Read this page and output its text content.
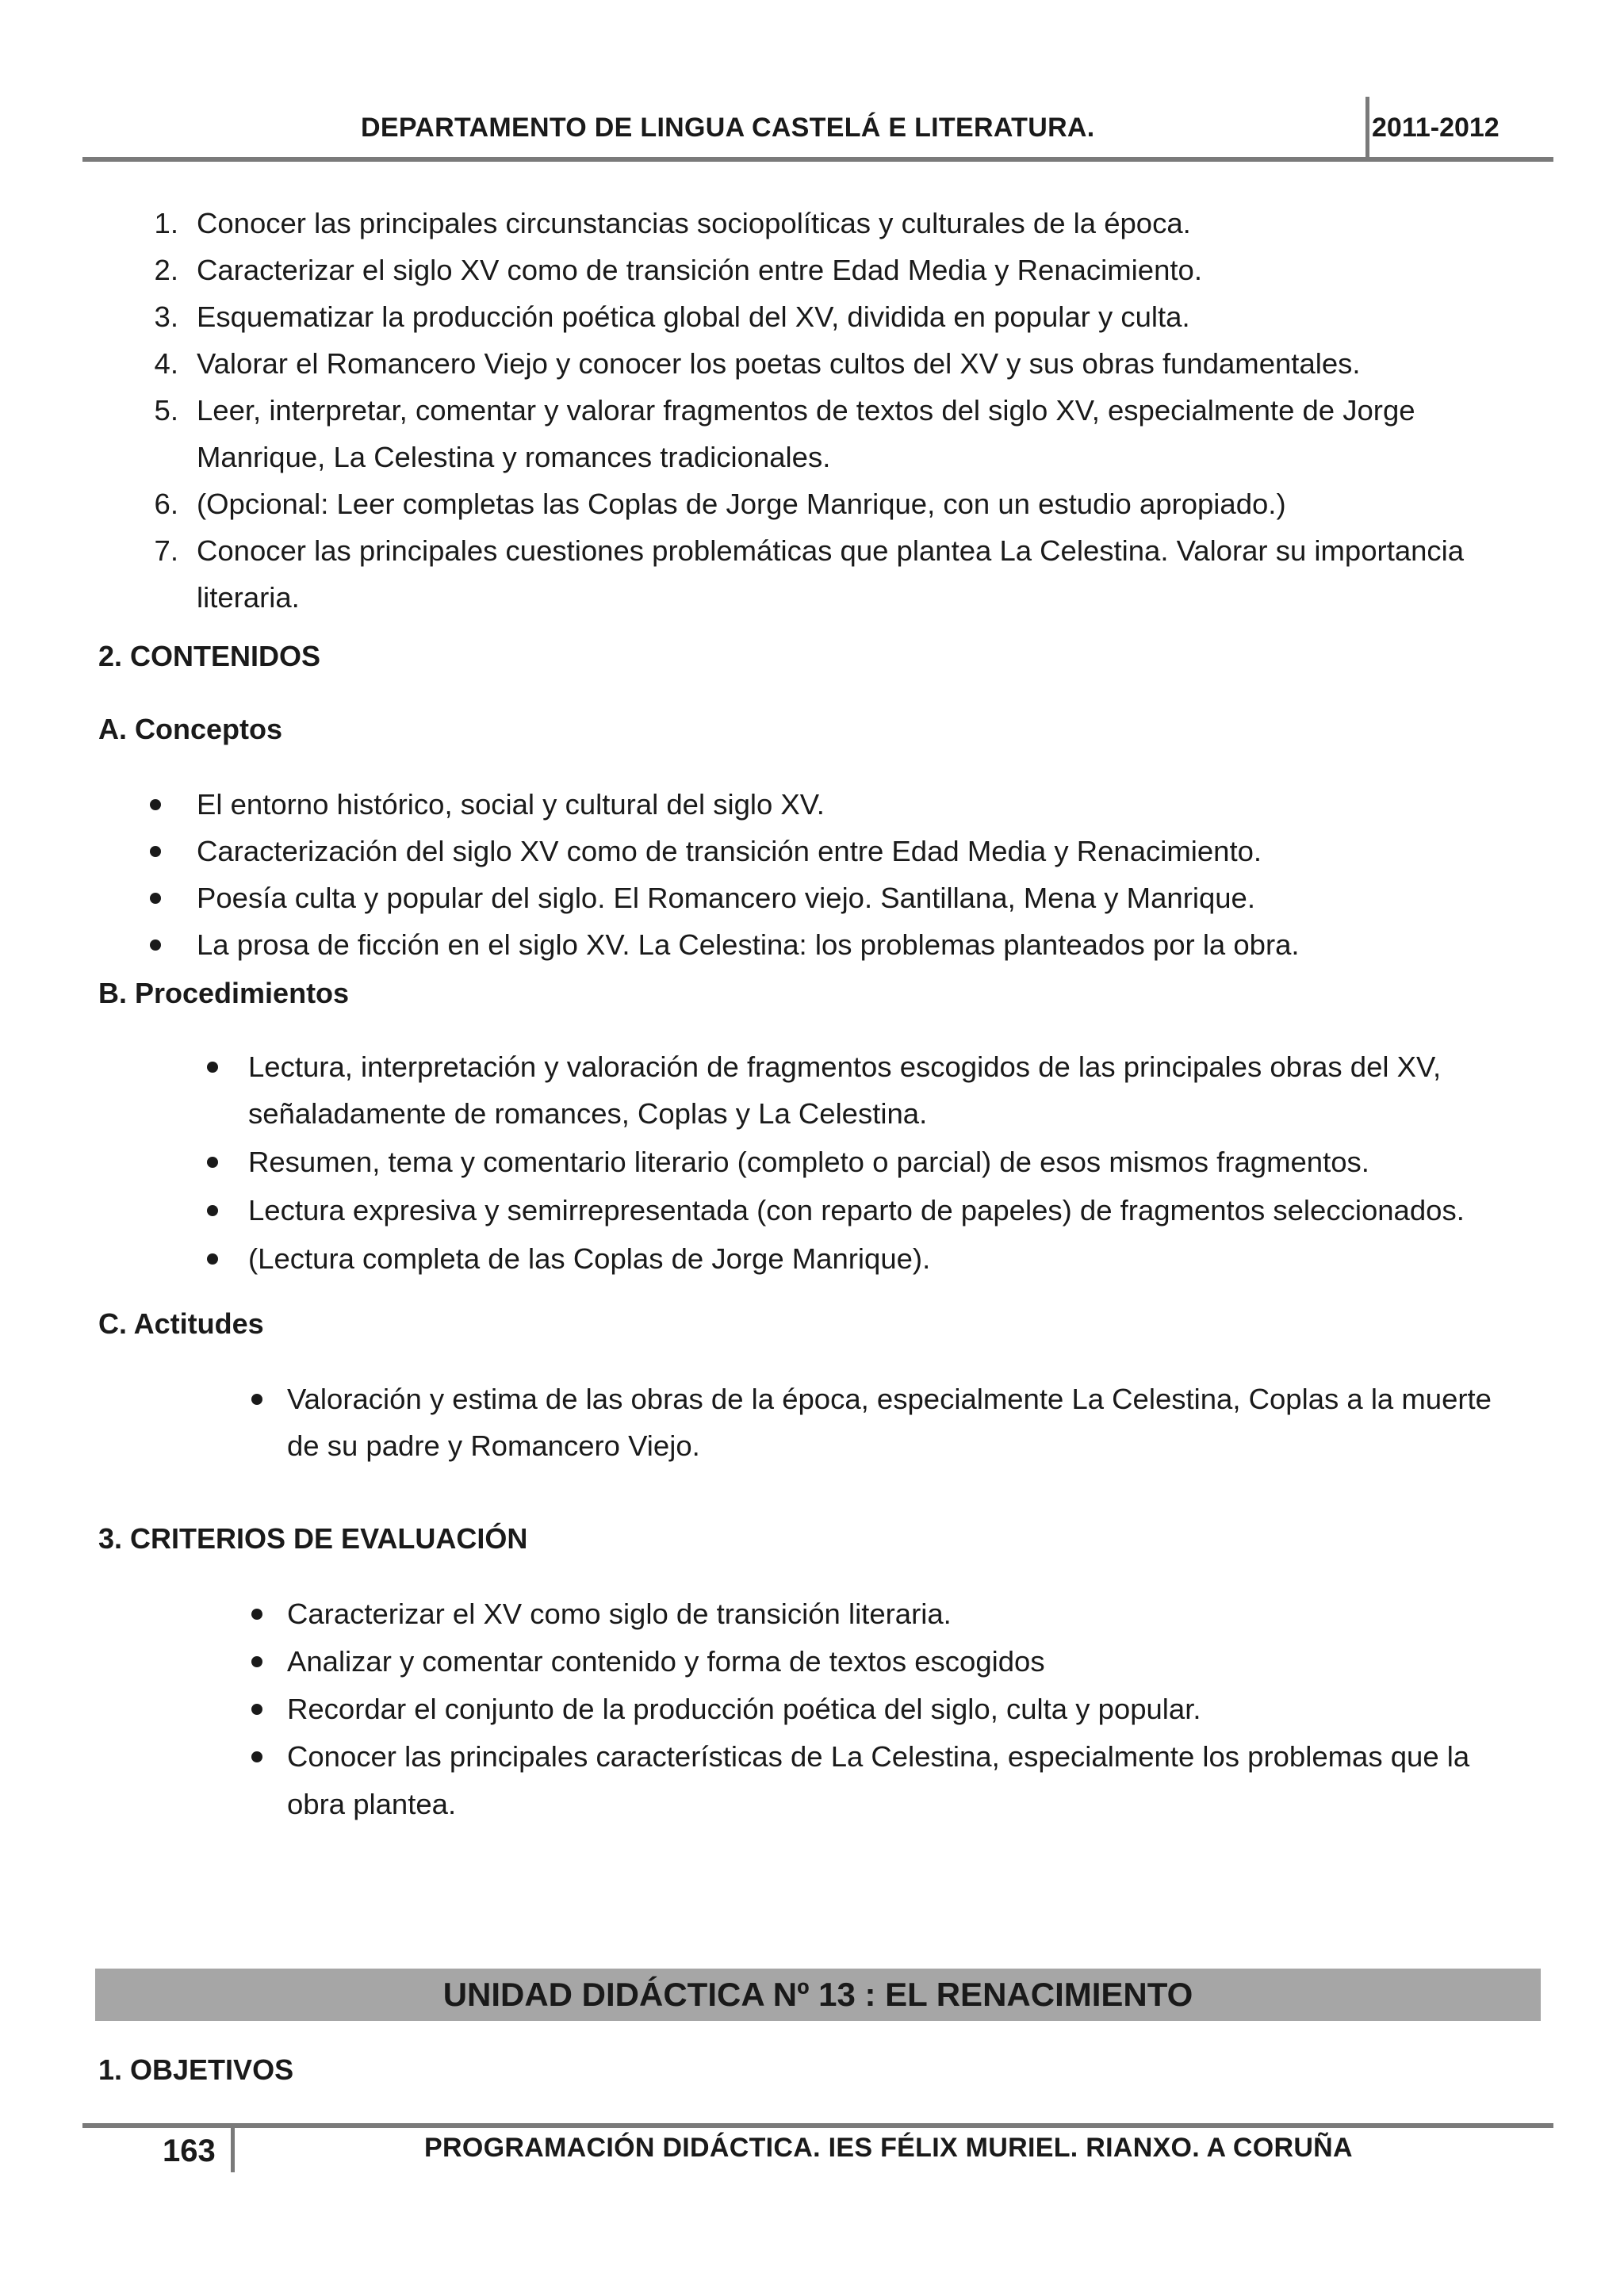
DEPARTAMENTO DE LINGUA CASTELÁ E LITERATURA.	2011-2012
1. Conocer las principales circunstancias sociopolíticas y culturales de la época.
2. Caracterizar el siglo XV como de transición entre Edad Media y Renacimiento.
3. Esquematizar la producción poética global del XV, dividida en popular y culta.
4. Valorar el Romancero Viejo y conocer los poetas cultos del XV y sus obras fundamentales.
5. Leer, interpretar, comentar y valorar fragmentos de textos del siglo XV, especialmente de Jorge
Manrique, La Celestina y romances tradicionales.
6. (Opcional: Leer completas las Coplas de Jorge Manrique, con un estudio apropiado.)
7. Conocer las principales cuestiones problemáticas que plantea La Celestina. Valorar su importancia
literaria.
2. CONTENIDOS
A. Conceptos
El entorno histórico, social y cultural del siglo XV.
Caracterización del siglo XV como de transición entre Edad Media y Renacimiento.
Poesía culta y popular del siglo. El Romancero viejo. Santillana, Mena y Manrique.
La prosa de ficción en el siglo XV. La Celestina: los problemas planteados por la obra.
B. Procedimientos
Lectura, interpretación y valoración de fragmentos escogidos de las principales obras del XV,
señaladamente de romances, Coplas y La Celestina.
Resumen, tema y comentario literario (completo o parcial) de esos mismos fragmentos.
Lectura expresiva y semirrepresentada (con reparto de papeles) de fragmentos seleccionados.
(Lectura completa de las Coplas de Jorge Manrique).
C. Actitudes
Valoración y estima de las obras de la época, especialmente La Celestina, Coplas a la muerte
de su padre y Romancero Viejo.
3. CRITERIOS DE EVALUACIÓN
Caracterizar el XV como siglo de transición literaria.
Analizar y comentar contenido y forma de textos escogidos
Recordar el conjunto de la producción poética del siglo, culta y popular.
Conocer las principales características de La Celestina, especialmente los problemas que la
obra plantea.
UNIDAD DIDÁCTICA Nº 13 : EL RENACIMIENTO
1. OBJETIVOS
163	PROGRAMACIÓN DIDÁCTICA. IES FÉLIX MURIEL. RIANXO. A CORUÑA
